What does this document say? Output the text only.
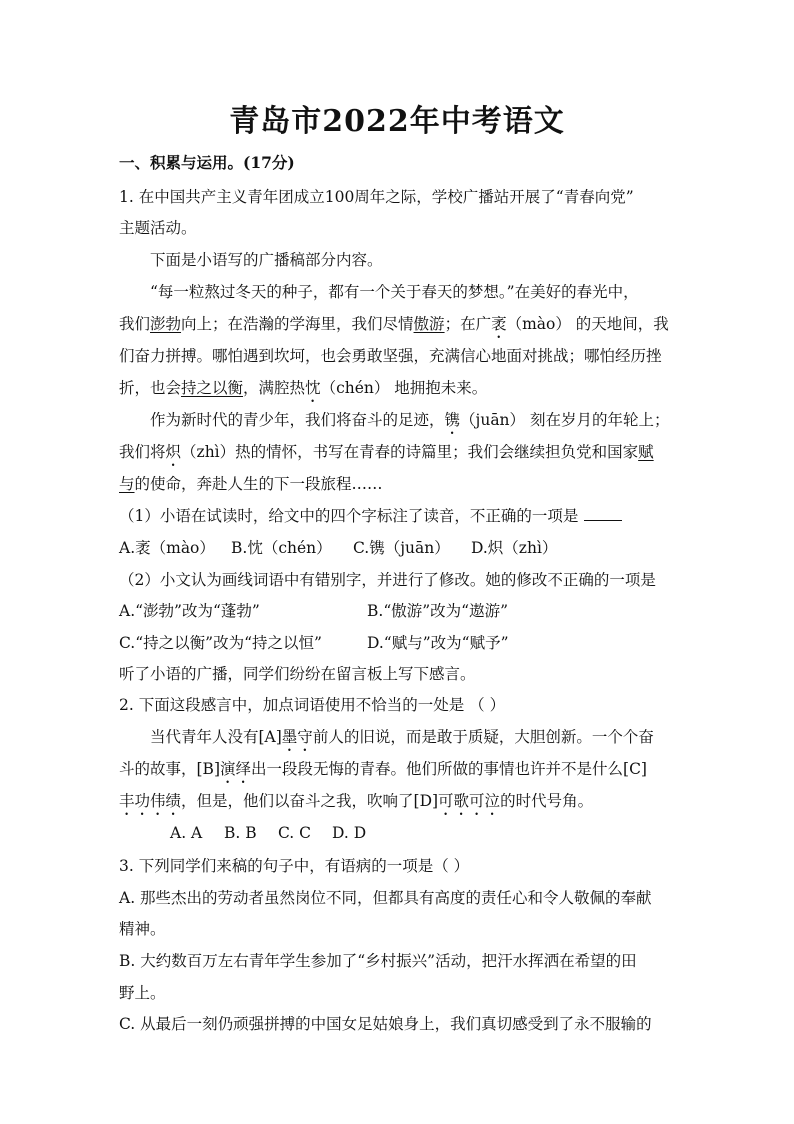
青岛市2022年中考语文
一、积累与运用。(17分)
1. 在中国共产主义青年团成立100周年之际，学校广播站开展了“青春向党”
主题活动。
下面是小语写的广播稿部分内容。
“每一粒熬过冬天的种子，都有一个关于春天的梦想。”在美好的春光中，
我们澎勃向上；在浩瀚的学海里，我们尽情傲游；在广袤（mào） 的天地间，我
们奋力拼搏。哪怕遇到坎坷，也会勇敢坚强，充满信心地面对挑战；哪怕经历挫
折，也会持之以衡，满腔热忱（chén） 地拥抱未来。
作为新时代的青少年，我们将奋斗的足迹，镌（juān） 刻在岁月的年轮上；
我们将炽（zhì）热的情怀，书写在青春的诗篇里；我们会继续担负党和国家赋
与的使命，奔赴人生的下一段旅程……
（1）小语在试读时，给文中的四个字标注了读音，不正确的一项是
A.袤（mào） B.忱（chén） C.镌（juān） D.炽（zhì）
（2）小文认为画线词语中有错别字，并进行了修改。她的修改不正确的一项是
A.“澎勃”改为“蓬勃”	B.“傲游”改为“遨游”
C.“持之以衡”改为“持之以恒”	D.“赋与”改为“赋予”
听了小语的广播，同学们纷纷在留言板上写下感言。
2. 下面这段感言中，加点词语使用不恰当的一处是 （ ）
当代青年人没有[A]墨守前人的旧说，而是敢于质疑，大胆创新。一个个奋
斗的故事，[B]演绎出一段段无悔的青春。他们所做的事情也许并不是什么[C]
丰功伟绩，但是，他们以奋斗之我，吹响了[D]可歌可泣的时代号角。
A. A B. B C. C D. D
3. 下列同学们来稿的句子中，有语病的一项是（ ）
A. 那些杰出的劳动者虽然岗位不同，但都具有高度的责任心和令人敬佩的奉献
精神。
B. 大约数百万左右青年学生参加了“乡村振兴”活动，把汗水挥洒在希望的田
野上。
C. 从最后一刻仍顽强拼搏的中国女足姑娘身上，我们真切感受到了永不服输的
